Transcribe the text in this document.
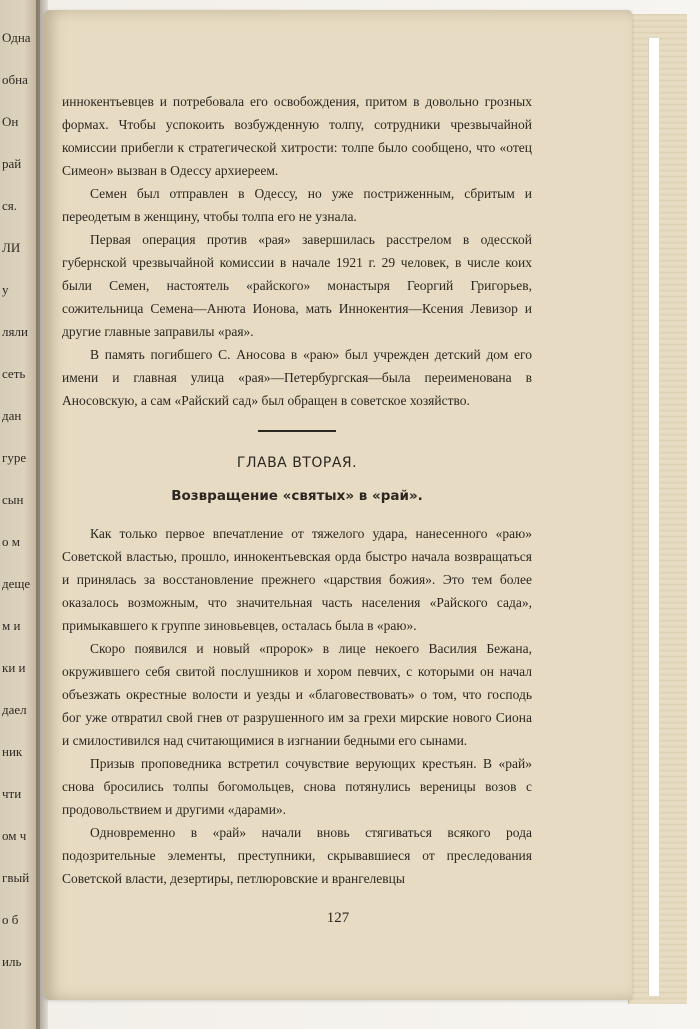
Одна
обна
Он
рай
ся.
ЛИ
у
ляли
сеть
дан
гуре
сын
о м
деще
м и
ки и
даел
ник
чти
ом ч
гвый
о б
иль

иннокентьевцев и потребовала его освобождения, притом в довольно грозных формах. Чтобы успокоить возбужденную толпу, сотрудники чрезвычайной комиссии прибегли к стратегической хитрости: толпе было сообщено, что «отец Симеон» вызван в Одессу архиереем.

Семен был отправлен в Одессу, но уже постриженным, сбритым и переодетым в женщину, чтобы толпа его не узнала.

Первая операция против «рая» завершилась расстрелом в одесской губернской чрезвычайной комиссии в начале 1921 г. 29 человек, в числе коих были Семен, настоятель «райского» монастыря Георгий Григорьев, сожительница Семена—Анюта Ионова, мать Иннокентия—Ксения Левизор и другие главные заправилы «рая».

В память погибшего С. Аносова в «раю» был учрежден детский дом его имени и главная улица «рая»—Петербургская—была переименована в Аносовскую, а сам «Райский сад» был обращен в советское хозяйство.

ГЛАВА ВТОРАЯ.
Возвращение «святых» в «рай».

Как только первое впечатление от тяжелого удара, нанесенного «раю» Советской властью, прошло, иннокентьевская орда быстро начала возвращаться и принялась за восстановление прежнего «царствия божия». Это тем более оказалось возможным, что значительная часть населения «Райского сада», примыкавшего к группе зиновьевцев, осталась была в «раю».

Скоро появился и новый «пророк» в лице некоего Василия Бежана, окружившего себя свитой послушников и хором певчих, с которыми он начал объезжать окрестные волости и уезды и «благовествовать» о том, что господь бог уже отвратил свой гнев от разрушенного им за грехи мирские нового Сиона и смилостивился над считающимися в изгнании бедными его сынами.

Призыв проповедника встретил сочувствие верующих крестьян. В «рай» снова бросились толпы богомольцев, снова потянулись вереницы возов с продовольствием и другими «дарами».

Одновременно в «рай» начали вновь стягиваться всякого рода подозрительные элементы, преступники, скрывавшиеся от преследования Советской власти, дезертиры, петлюровские и врангелевцы

127
